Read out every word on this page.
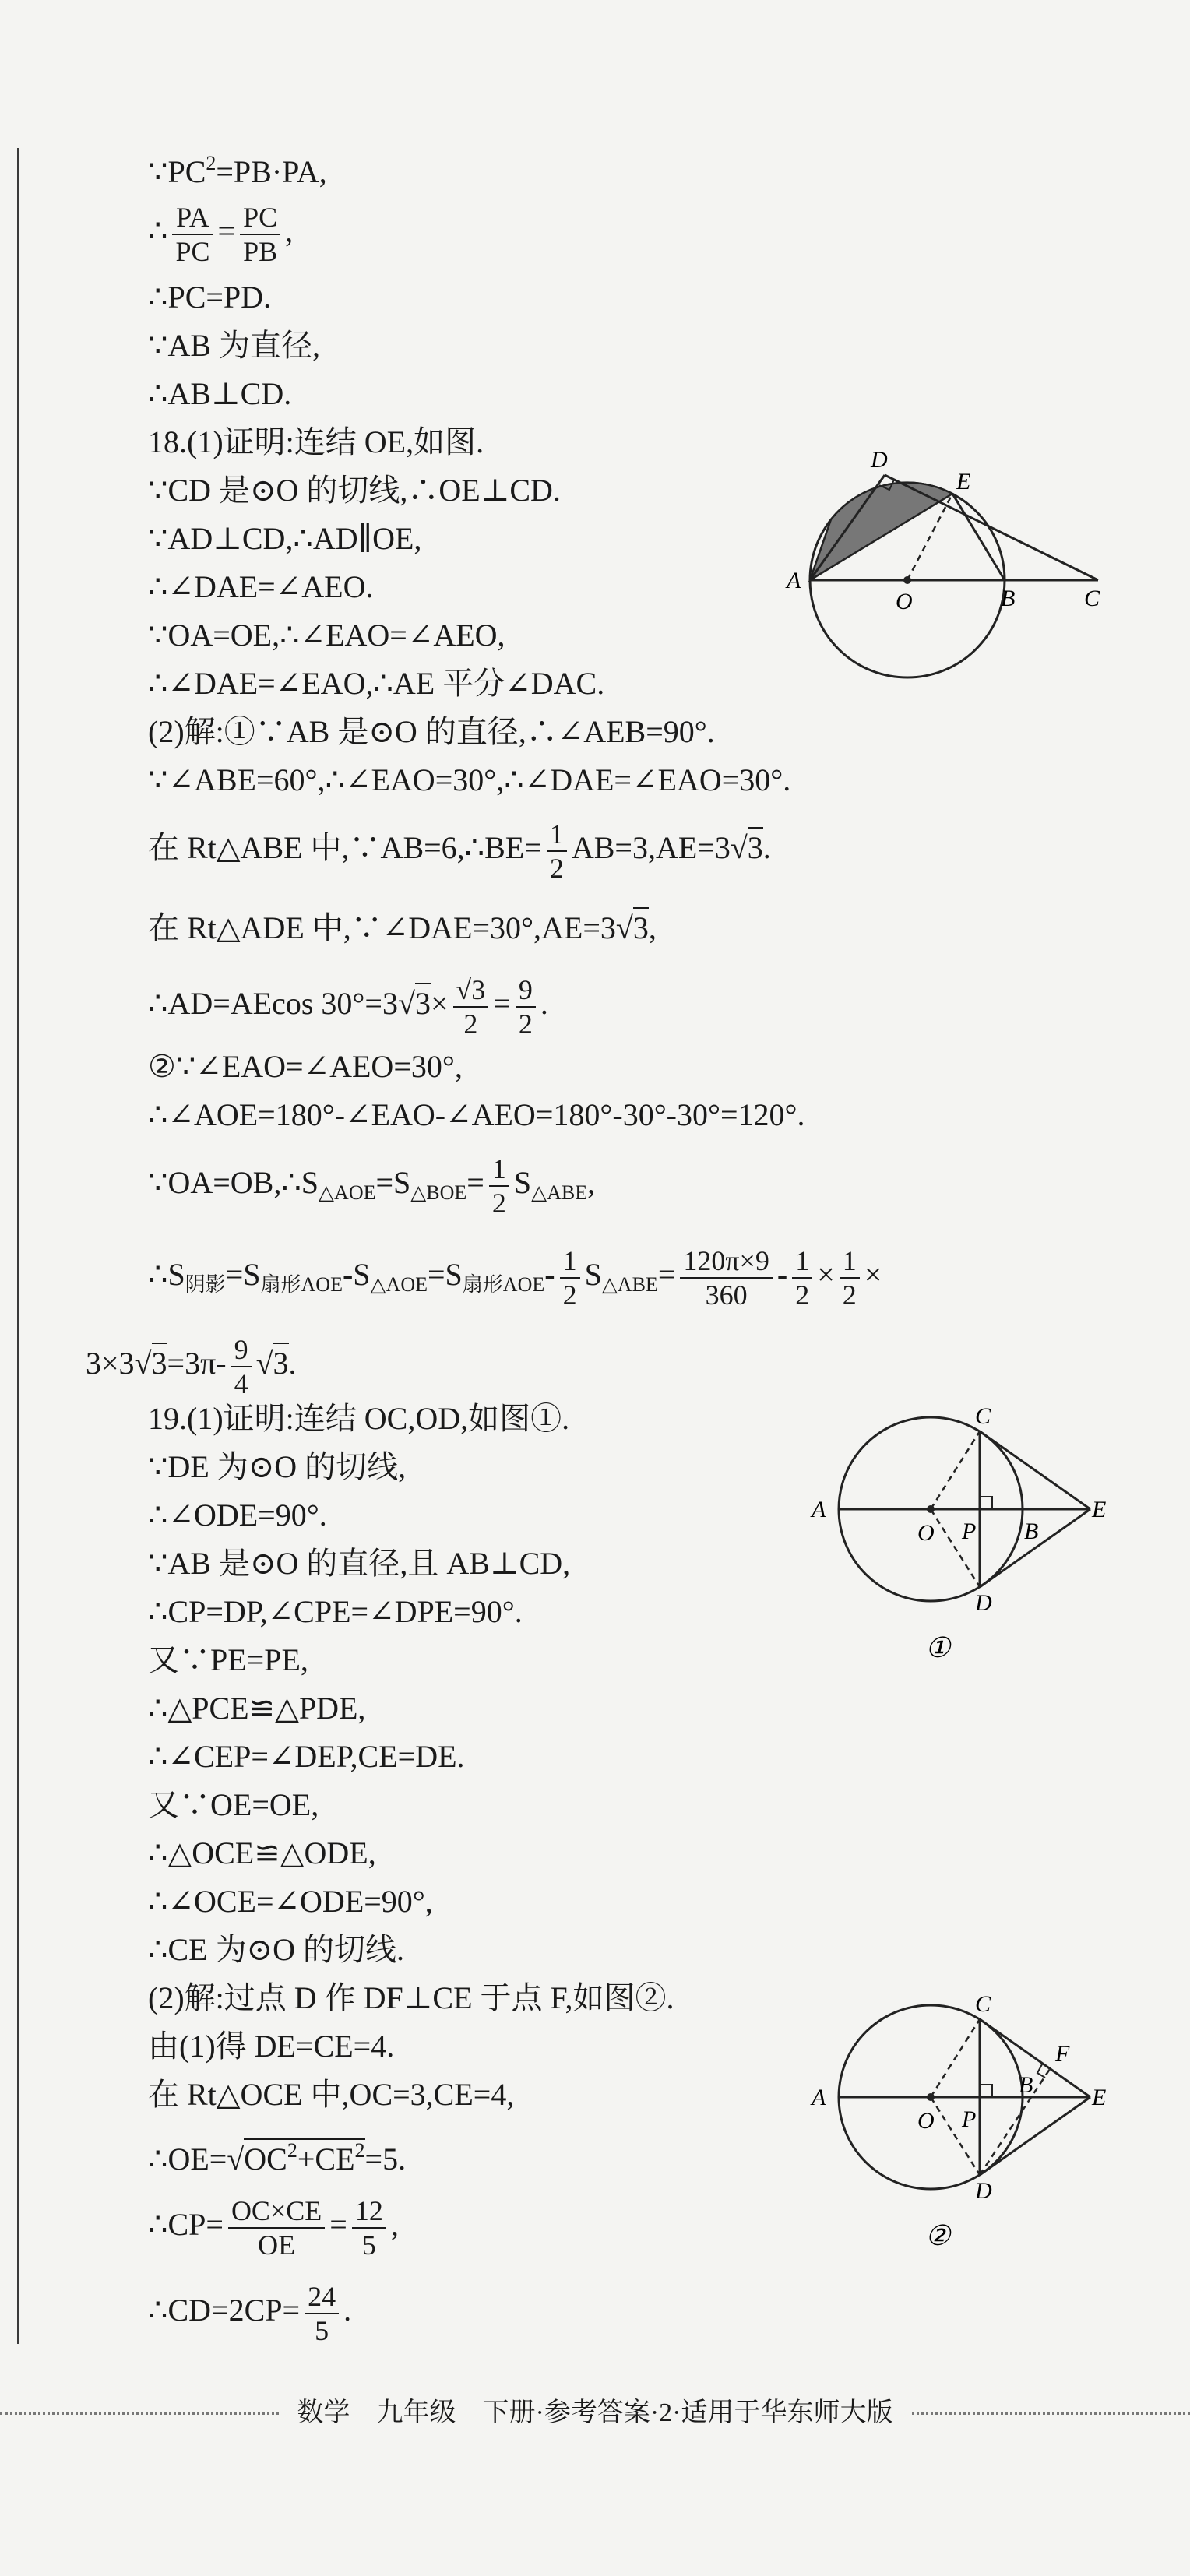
$\because PC^2=PB\cdot PA$,
∴ $\frac{PA}{PC} = \frac{PC}{PB}$ ,
∴PC=PD.
∵AB 为直径,
∴AB⊥CD.
18.(1)证明:连结 OE,如图.
∵CD 是⊙O 的切线,∴OE⊥CD.
∵AD⊥CD,∴AD∥OE,
∴∠DAE=∠AEO.
∵OA=OE,∴∠EAO=∠AEO,
∴∠DAE=∠EAO,∴AE 平分∠DAC.
(2)解:①∵AB 是⊙O 的直径,∴∠AEB=90°.
∵∠ABE=60°,∴∠EAO=30°,∴∠DAE=∠EAO=30°.
在 Rt△ABE 中,∵AB=6,∴BE= $\frac{1}{2} AB=3,AE=3√3$.
在 Rt△ADE 中,∵∠DAE=30°,AE=3√3,
∴AD=AEcos $30^\circ=3√3\times \frac{√3}{2} = \frac{9}{2}$ .
②∵∠EAO=∠AEO=30°,
∴∠AOE=180°-∠EAO-∠AEO=180°-30°-30°=120°.
$\because OA=OB,\therefore S_{\triangle AOE}=S_{\triangle BOE}= \frac{1}{2} S_{\triangle ABE}$,
$\therefore S_{阴影}=S_{扇形AOE}-S_{\triangle AOE}=S_{扇形AOE}- \frac{1}{2} S_{\triangle ABE}= \frac{120\pi\times 9}{360} - \frac{1}{2} \times \frac{1}{2}$ ×
$3\times 3√3=3\pi- \frac{9}{4} √3$.
19.(1)证明:连结 OC,OD,如图①.
∵DE 为⊙O 的切线,
∴∠ODE=90°.
∵AB 是⊙O 的直径,且 AB⊥CD,
∴CP=DP,∠CPE=∠DPE=90°.
又∵PE=PE,
∴△PCE≌△PDE,
∴∠CEP=∠DEP,CE=DE.
又∵OE=OE,
∴△OCE≌△ODE,
∴∠OCE=∠ODE=90°,
∴CE 为⊙O 的切线.
(2)解:过点 D 作 DF⊥CE 于点 F,如图②.
由(1)得 DE=CE=4.
在 Rt△OCE 中,OC=3,CE=4,
$\therefore OE=√OC^2+CE^2=5$.
∴CP= $\frac{OC\times CE}{OE} = \frac{12}{5}$ ,
∴CD=2CP= $\frac{24}{5}$ .
D
E
A
O	B	C
C
A
O P B
E
D
①
C
F
A
O P
B	E
D
②
数学　九年级　下册·参考答案·2·适用于华东师大版
